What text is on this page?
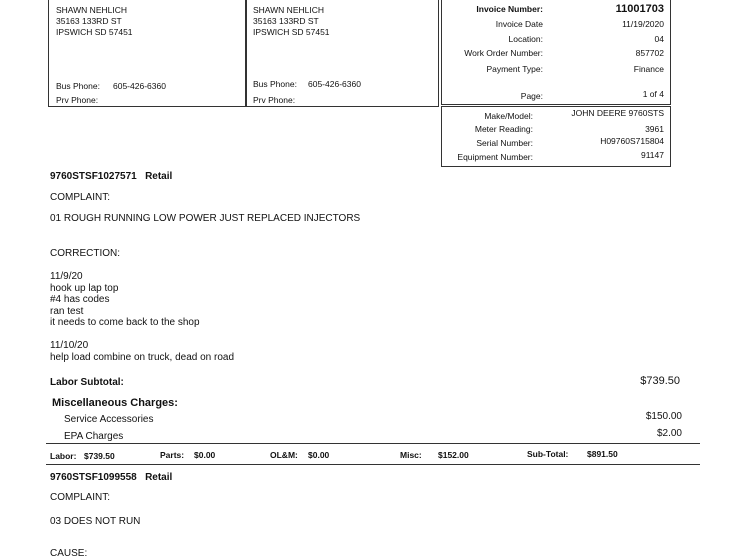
SHAWN NEHLICH
35163 133RD ST
IPSWICH SD 57451
Bus Phone: 605-426-6360
Prv Phone:
SHAWN NEHLICH
35163 133RD ST
IPSWICH SD 57451
Bus Phone: 605-426-6360
Prv Phone:
Invoice Number:	11001703
Invoice Date	11/19/2020
Location:	04
Work Order Number:	857702
Payment Type:	Finance
Page:	1 of 4
Make/Model:	JOHN DEERE 9760STS
Meter Reading:	3961
Serial Number:	H09760S715804
Equipment Number:	91147
9760STSF1027571   Retail
COMPLAINT:
01 ROUGH RUNNING LOW POWER JUST REPLACED INJECTORS
CORRECTION:
11/9/20
hook up lap top
#4 has codes
ran test
it needs to come back to the shop
11/10/20
help load combine on truck, dead on road
Labor Subtotal:	$739.50
Miscellaneous Charges:
Service Accessories	$150.00
EPA Charges	$2.00
Labor: $739.50	Parts: $0.00	OL&M: $0.00	Misc: $152.00	Sub-Total: $891.50
9760STSF1099558   Retail
COMPLAINT:
03 DOES NOT RUN
CAUSE:
